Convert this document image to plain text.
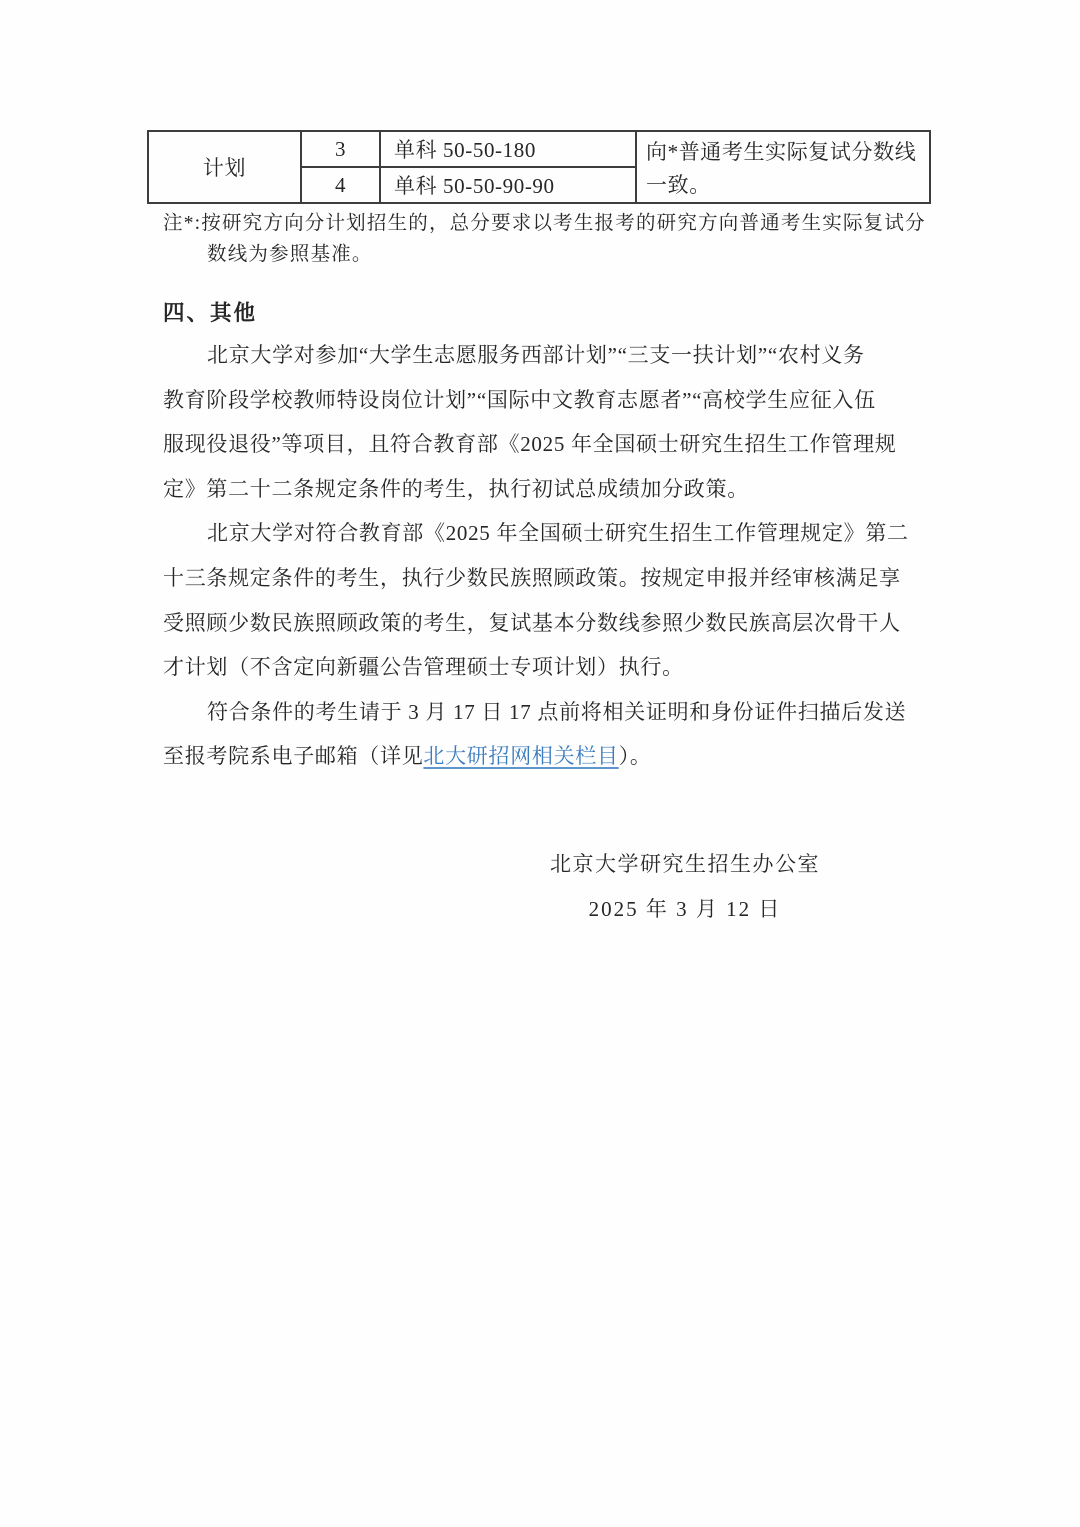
计划	3	单科 50-50-180	向*普通考生实际复试分数线一致。
	4	单科 50-50-90-90	
注*:按研究方向分计划招生的，总分要求以考生报考的研究方向普通考生实际复试分
数线为参照基准。
四、其他
北京大学对参加“大学生志愿服务西部计划”“三支一扶计划”“农村义务
教育阶段学校教师特设岗位计划”“国际中文教育志愿者”“高校学生应征入伍
服现役退役”等项目，且符合教育部《2025 年全国硕士研究生招生工作管理规
定》第二十二条规定条件的考生，执行初试总成绩加分政策。
北京大学对符合教育部《2025 年全国硕士研究生招生工作管理规定》第二
十三条规定条件的考生，执行少数民族照顾政策。按规定申报并经审核满足享
受照顾少数民族照顾政策的考生，复试基本分数线参照少数民族高层次骨干人
才计划（不含定向新疆公告管理硕士专项计划）执行。
符合条件的考生请于 3 月 17 日 17 点前将相关证明和身份证件扫描后发送
至报考院系电子邮箱（详见北大研招网相关栏目）。
北京大学研究生招生办公室
2025 年 3 月 12 日
